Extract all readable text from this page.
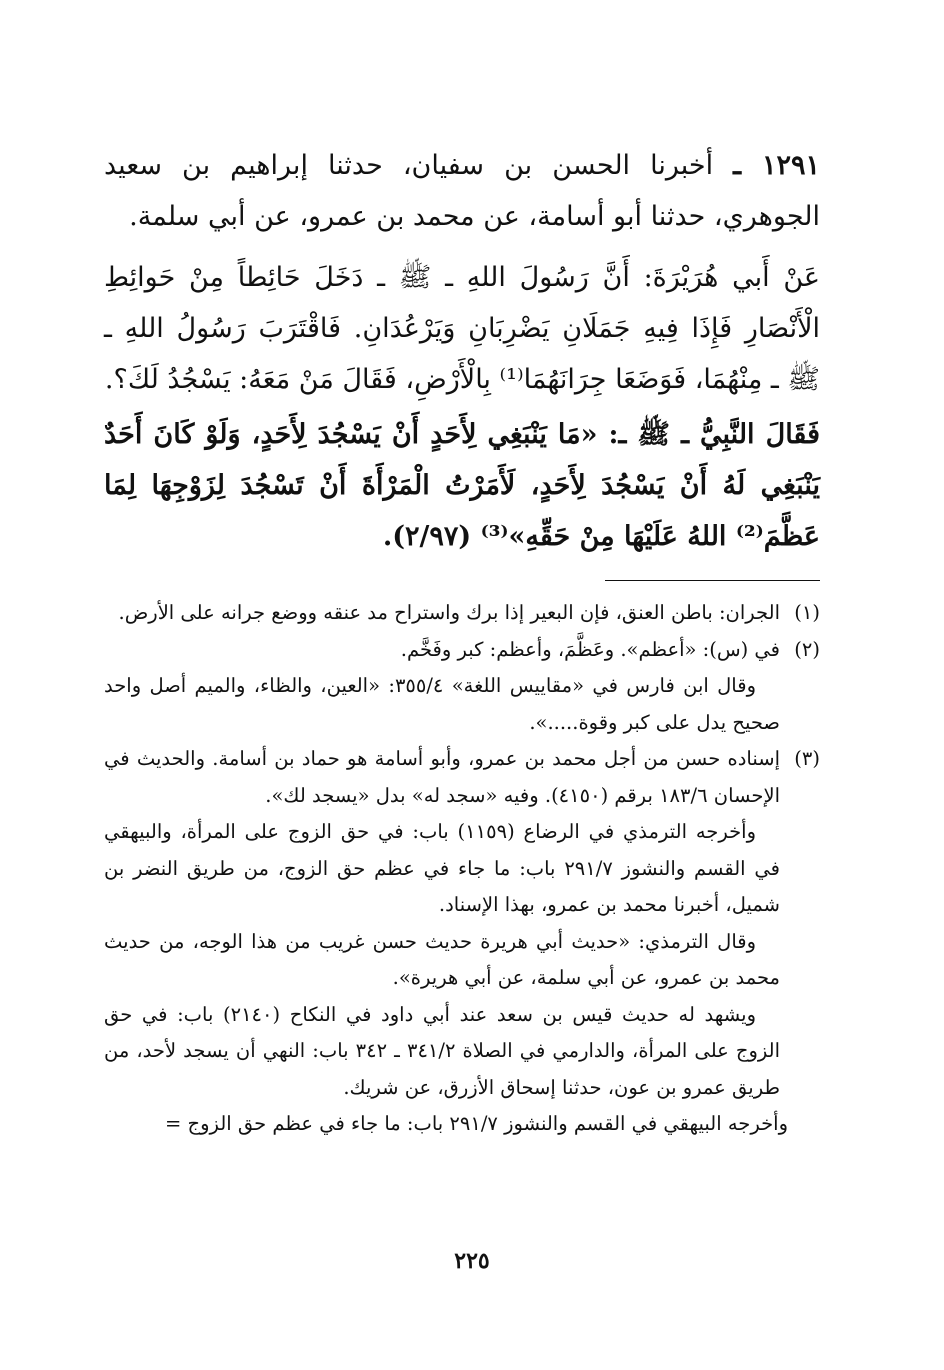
١٢٩١ ـ أخبرنا الحسن بن سفيان، حدثنا إبراهيم بن سعيد الجوهري، حدثنا أبو أسامة، عن محمد بن عمرو، عن أبي سلمة.

عَنْ أَبي هُرَيْرَةَ: أَنَّ رَسُولَ اللهِ ـ ﷺ ـ دَخَلَ حَائِطاً مِنْ حَوائِطِ الْأَنْصَارِ فَإِذَا فِيهِ جَمَلَانِ يَضْرِبَانِ وَيَرْعُدَانِ. فَاقْتَرَبَ رَسُولُ اللهِ ـ ﷺ ـ مِنْهُمَا، فَوَضَعَا جِرَانَهُمَا⁽¹⁾ بِالْأَرْضِ، فَقَالَ مَنْ مَعَهُ: يَسْجُدُ لَكَ؟.

فَقَالَ النَّبِيُّ ـ ﷺ ـ: «مَا يَنْبَغِي لِأَحَدٍ أَنْ يَسْجُدَ لِأَحَدٍ، وَلَوْ كَانَ أَحَدٌ يَنْبَغِي لَهُ أَنْ يَسْجُدَ لِأَحَدٍ، لَأَمَرْتُ الْمَرْأَةَ أَنْ تَسْجُدَ لِزَوْجِهَا لِمَا عَظَّمَ⁽²⁾ اللهُ عَلَيْهَا مِنْ حَقِّهِ»⁽³⁾ (٢/٩٧).

(١)الجران: باطن العنق، فإن البعير إذا برك واستراح مد عنقه ووضع جرانه على الأرض.

(٢)في (س): «أعظم». وعَظَّمَ، وأعظم: كبر وفَخَّم.

وقال ابن فارس في «مقاييس اللغة» ٣٥٥/٤: «العين، والظاء، والميم أصل واحد صحيح يدل على كبر وقوة.....».

(٣)إسناده حسن من أجل محمد بن عمرو، وأبو أسامة هو حماد بن أسامة. والحديث في الإحسان ١٨٣/٦ برقم (٤١٥٠). وفيه «سجد له» بدل «يسجد لك».

وأخرجه الترمذي في الرضاع (١١٥٩) باب: في حق الزوج على المرأة، والبيهقي في القسم والنشوز ٢٩١/٧ باب: ما جاء في عظم حق الزوج، من طريق النضر بن شميل، أخبرنا محمد بن عمرو، بهذا الإسناد.

وقال الترمذي: «حديث أبي هريرة حديث حسن غريب من هذا الوجه، من حديث محمد بن عمرو، عن أبي سلمة، عن أبي هريرة».

ويشهد له حديث قيس بن سعد عند أبي داود في النكاح (٢١٤٠) باب: في حق الزوج على المرأة، والدارمي في الصلاة ٣٤١/٢ ـ ٣٤٢ باب: النهي أن يسجد لأحد، من طريق عمرو بن عون، حدثنا إسحاق الأزرق، عن شريك.

وأخرجه البيهقي في القسم والنشوز ٢٩١/٧ باب: ما جاء في عظم حق الزوج =

٢٢٥
